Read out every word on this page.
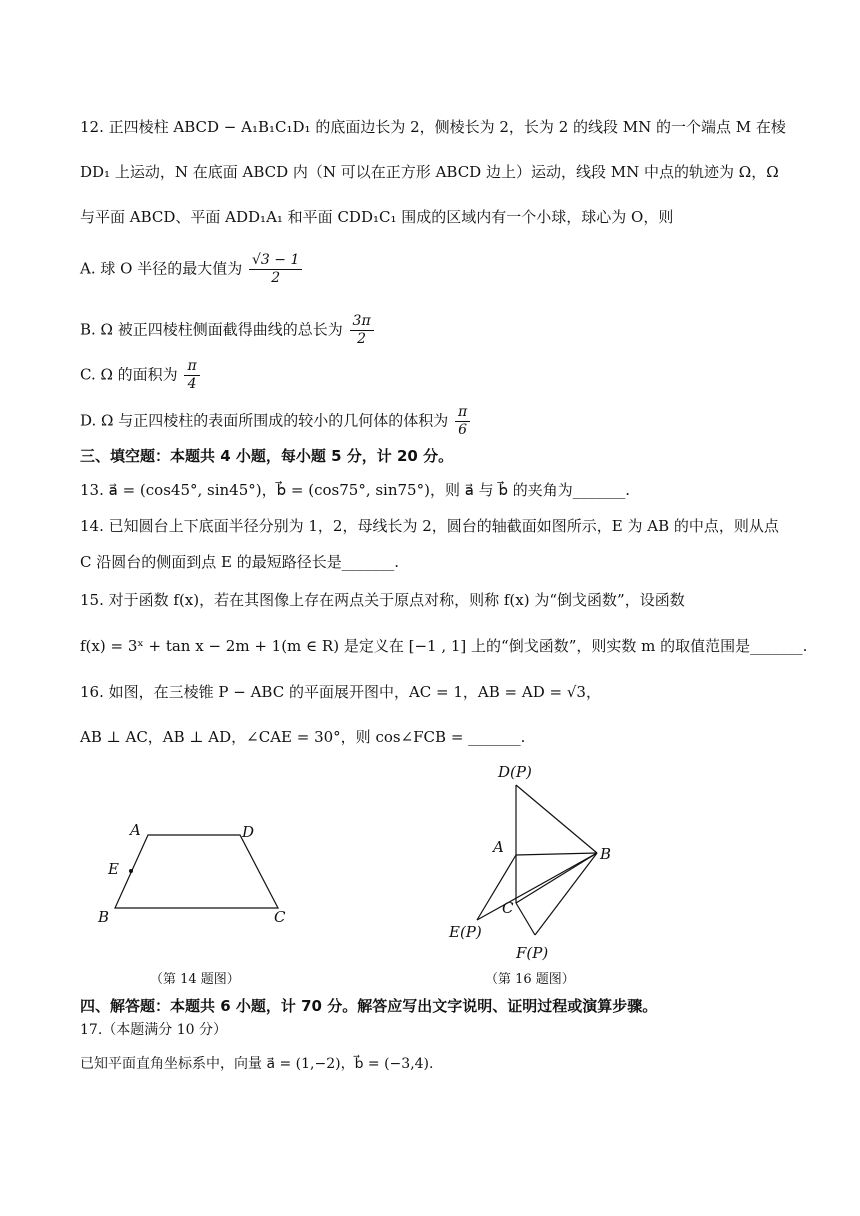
12. 正四棱柱 ABCD − A₁B₁C₁D₁ 的底面边长为 2，侧棱长为 2，长为 2 的线段 MN 的一个端点 M 在棱
DD₁ 上运动，N 在底面 ABCD 内（N 可以在正方形 ABCD 边上）运动，线段 MN 中点的轨迹为 Ω，Ω
与平面 ABCD、平面 ADD₁A₁ 和平面 CDD₁C₁ 围成的区域内有一个小球，球心为 O，则
A. 球 O 半径的最大值为 $\frac{√3 - 1}{2}$
B. Ω 被正四棱柱侧面截得曲线的总长为 $\frac{3\pi}{2}$
C. Ω 的面积为 $\frac{\pi}{4}$
D. Ω 与正四棱柱的表面所围成的较小的几何体的体积为 $\frac{\pi}{6}$
三、填空题：本题共 4 小题，每小题 5 分，计 20 分。
13. a⃗ = (cos45°, sin45°)，b⃗ = (cos75°, sin75°)，则 a⃗ 与 b⃗ 的夹角为_______.
14. 已知圆台上下底面半径分别为 1，2，母线长为 2，圆台的轴截面如图所示，E 为 AB 的中点，则从点
C 沿圆台的侧面到点 E 的最短路径长是_______.
15. 对于函数 f(x)，若在其图像上存在两点关于原点对称，则称 f(x) 为“倒戈函数”，设函数
f(x) = 3ˣ + tan x − 2m + 1(m ∈ R) 是定义在 [−1 , 1] 上的“倒戈函数”，则实数 m 的取值范围是_______.
16. 如图，在三棱锥 P − ABC 的平面展开图中，AC = 1，AB = AD = √3，
AB ⊥ AC，AB ⊥ AD，∠CAE = 30°，则 cos∠FCB = _______.
A	D
E
B	C
（第 14 题图）
D(P)
A	B
C
E(P)
F(P)
（第 16 题图）
四、解答题：本题共 6 小题，计 70 分。解答应写出文字说明、证明过程或演算步骤。
17.（本题满分 10 分）
已知平面直角坐标系中，向量 a⃗ = (1,−2)，b⃗ = (−3,4).
